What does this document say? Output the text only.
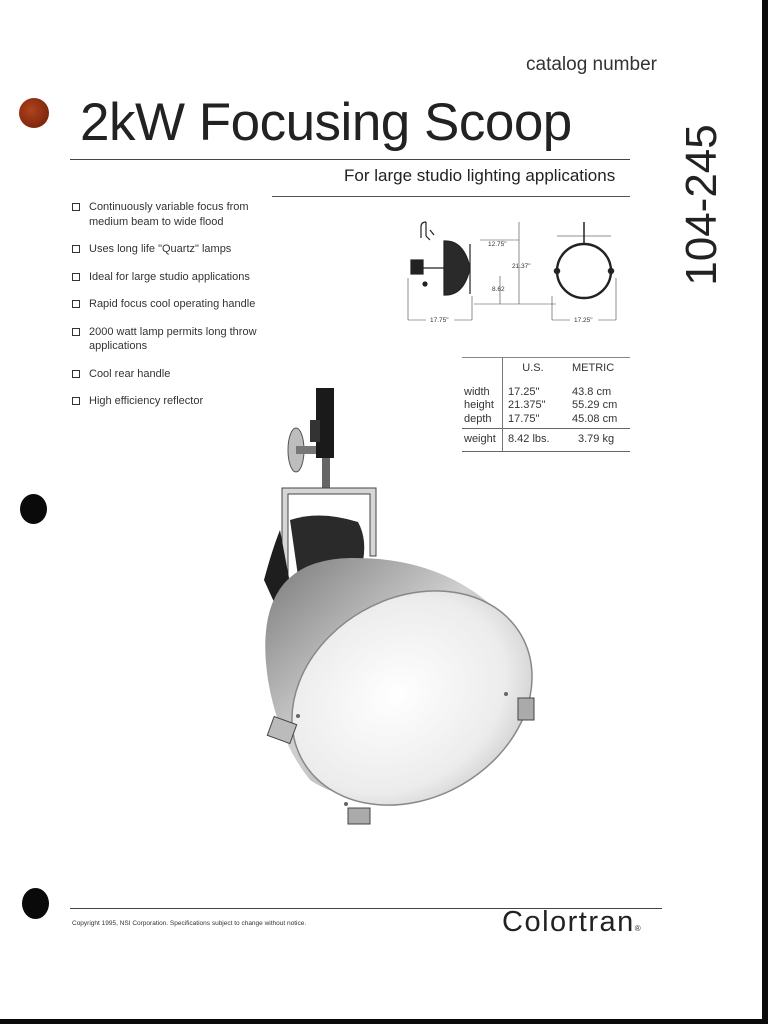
catalog number
2kW Focusing Scoop
104-245
For large studio lighting applications
Continuously variable focus from medium beam to wide flood
Uses long life "Quartz" lamps
Ideal for large studio applications
Rapid focus cool operating handle
2000 watt lamp permits long throw applications
Cool rear handle
High efficiency reflector
12.75"
21.37"
8.62
17.75"	17.25"
	U.S.	METRIC
width	17.25"	43.8 cm
height	21.375"	55.29 cm
depth	17.75"	45.08 cm
weight	8.42 lbs.	3.79 kg
Copyright 1995, NSI Corporation. Specifications subject to change without notice.	Colortran®
